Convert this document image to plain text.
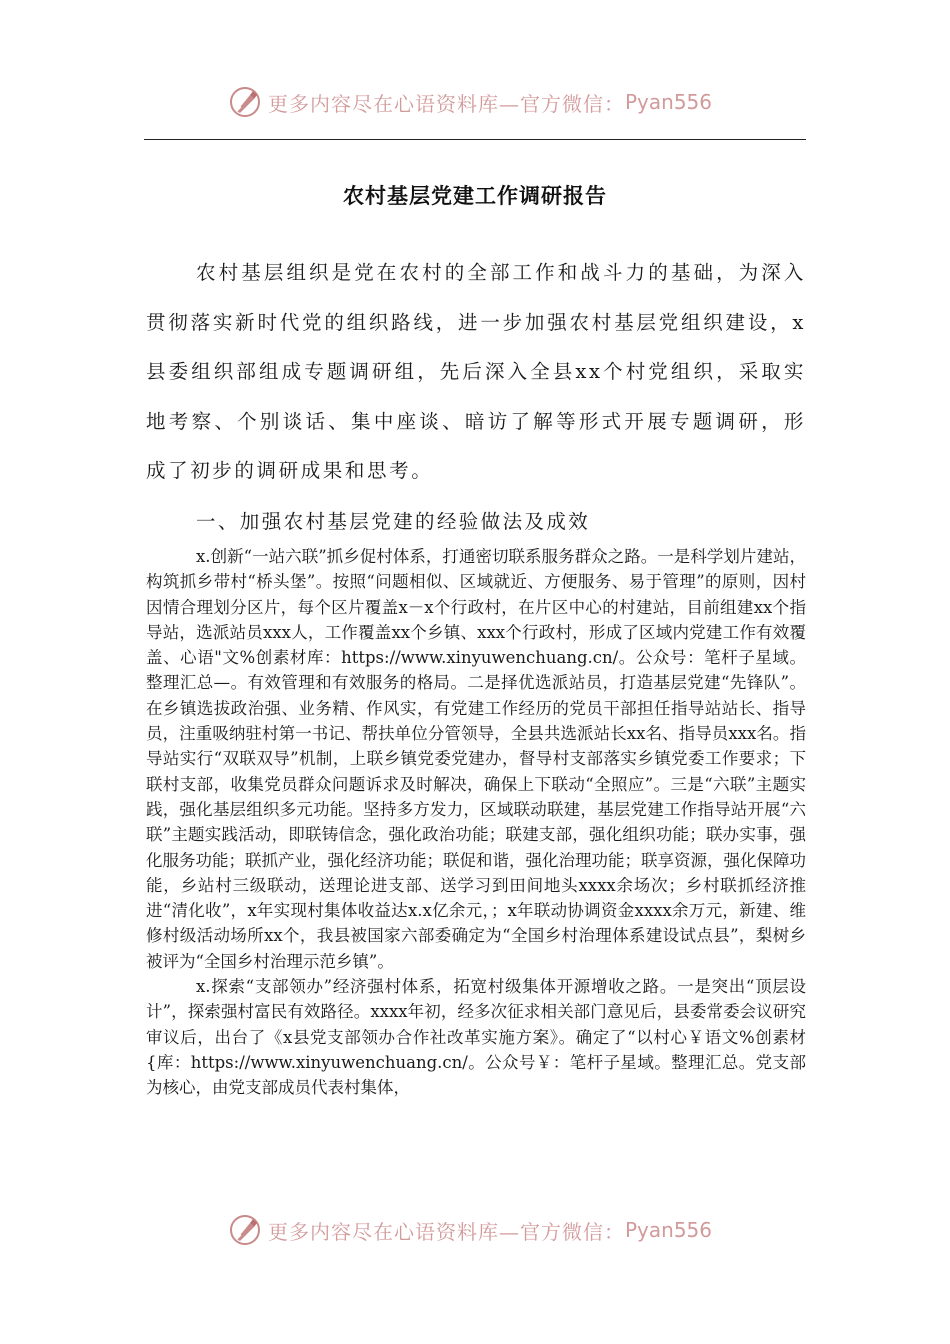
更多内容尽在心语资料库—官方微信： Pyan556
农村基层党建工作调研报告

农村基层组织是党在农村的全部工作和战斗力的基础，为深入贯彻落实新时代党的组织路线，进一步加强农村基层党组织建设，x县委组织部组成专题调研组，先后深入全县xx个村党组织，采取实地考察、个别谈话、集中座谈、暗访了解等形式开展专题调研，形成了初步的调研成果和思考。

一、加强农村基层党建的经验做法及成效

x.创新“一站六联”抓乡促村体系，打通密切联系服务群众之路。一是科学划片建站，构筑抓乡带村“桥头堡”。按照“问题相似、区域就近、方便服务、易于管理”的原则，因村因情合理划分区片，每个区片覆盖x－x个行政村，在片区中心的村建站，目前组建xx个指导站，选派站员xxx人，工作覆盖xx个乡镇、xxx个行政村，形成了区域内党建工作有效覆盖、心语"文%创素材库：https://www.xinyuwenchuang.cn/。公众号：笔杆子星域。整理汇总—。有效管理和有效服务的格局。二是择优选派站员，打造基层党建“先锋队”。在乡镇选拔政治强、业务精、作风实，有党建工作经历的党员干部担任指导站站长、指导员，注重吸纳驻村第一书记、帮扶单位分管领导，全县共选派站长xx名、指导员xxx名。指导站实行“双联双导”机制，上联乡镇党委党建办，督导村支部落实乡镇党委工作要求；下联村支部，收集党员群众问题诉求及时解决，确保上下联动“全照应”。三是“六联”主题实践，强化基层组织多元功能。坚持多方发力，区域联动联建，基层党建工作指导站开展“六联”主题实践活动，即联铸信念，强化政治功能；联建支部，强化组织功能；联办实事，强化服务功能；联抓产业，强化经济功能；联促和谐，强化治理功能；联享资源，强化保障功能，乡站村三级联动，送理论进支部、送学习到田间地头xxxx余场次；乡村联抓经济推进“清化收”，x年实现村集体收益达x.x亿余元，；x年联动协调资金xxxx余万元，新建、维修村级活动场所xx个，我县被国家六部委确定为“全国乡村治理体系建设试点县”，梨树乡被评为“全国乡村治理示范乡镇”。

x.探索“支部领办”经济强村体系，拓宽村级集体开源增收之路。一是突出“顶层设计”，探索强村富民有效路径。xxxx年初，经多次征求相关部门意见后，县委常委会议研究审议后，出台了《x县党支部领办合作社改革实施方案》。确定了“以村心￥语文%创素材{库：https://www.xinyuwenchuang.cn/。公众号￥：笔杆子星域。整理汇总。党支部为核心，由党支部成员代表村集体，

更多内容尽在心语资料库—官方微信： Pyan556
